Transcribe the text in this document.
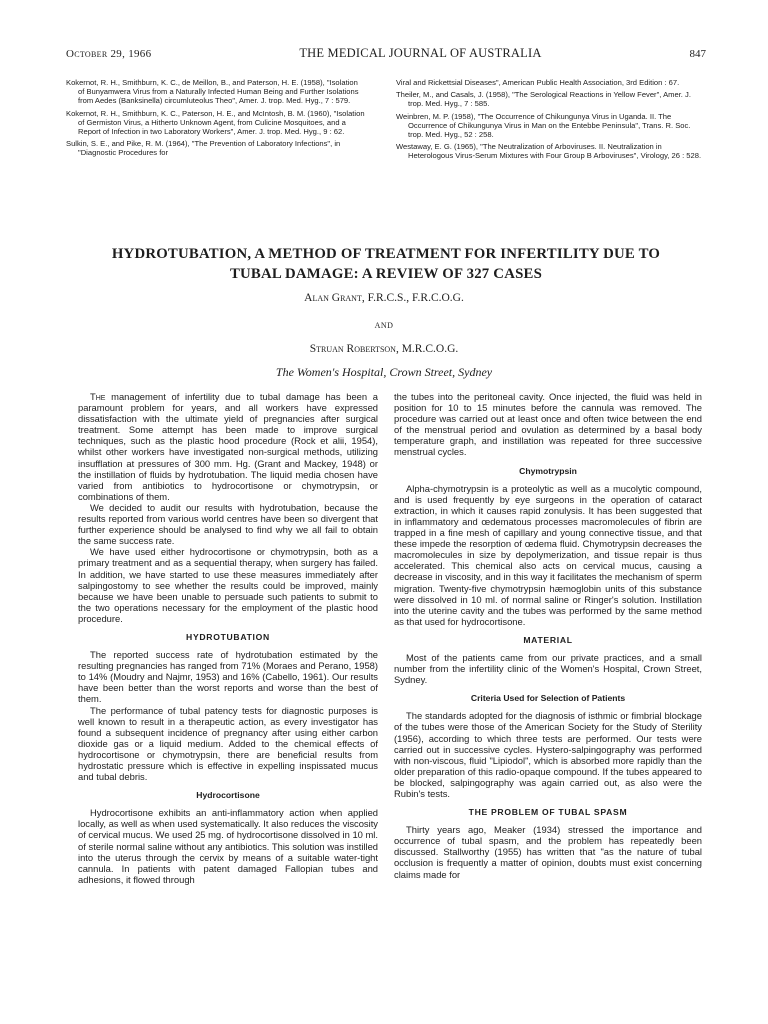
October 29, 1966	THE MEDICAL JOURNAL OF AUSTRALIA	847

Kokernot, R. H., Smithburn, K. C., de Meillon, B., and Paterson, H. E. (1958), "Isolation of Bunyamwera Virus from a Naturally Infected Human Being and Further Isolations from Aedes (Banksinella) circumluteolus Theo", Amer. J. trop. Med. Hyg., 7 : 579.

Kokernot, R. H., Smithburn, K. C., Paterson, H. E., and McIntosh, B. M. (1960), "Isolation of Germiston Virus, a Hitherto Unknown Agent, from Culicine Mosquitoes, and a Report of Infection in two Laboratory Workers", Amer. J. trop. Med. Hyg., 9 : 62.

Sulkin, S. E., and Pike, R. M. (1964), "The Prevention of Laboratory Infections", in "Diagnostic Procedures for

Viral and Rickettsial Diseases", American Public Health Association, 3rd Edition : 67.

Theiler, M., and Casals, J. (1958), "The Serological Reactions in Yellow Fever", Amer. J. trop. Med. Hyg., 7 : 585.

Weinbren, M. P. (1958), "The Occurrence of Chikungunya Virus in Uganda. II. The Occurrence of Chikungunya Virus in Man on the Entebbe Peninsula", Trans. R. Soc. trop. Med. Hyg., 52 : 258.

Westaway, E. G. (1965), "The Neutralization of Arboviruses. II. Neutralization in Heterologous Virus-Serum Mixtures with Four Group B Arboviruses", Virology, 26 : 528.

HYDROTUBATION, A METHOD OF TREATMENT FOR INFERTILITY DUE TO
TUBAL DAMAGE: A REVIEW OF 327 CASES
Alan Grant, F.R.C.S., F.R.C.O.G.
AND
Struan Robertson, M.R.C.O.G.
The Women's Hospital, Crown Street, Sydney

The management of infertility due to tubal damage has been a paramount problem for years, and all workers have expressed dissatisfaction with the ultimate yield of pregnancies after surgical treatment. Some attempt has been made to improve surgical techniques, such as the plastic hood procedure (Rock et alii, 1954), whilst other workers have investigated non-surgical methods, utilizing insufflation at pressures of 300 mm. Hg. (Grant and Mackey, 1948) or the instillation of fluids by hydrotubation. The liquid media chosen have varied from antibiotics to hydrocortisone or chymotrypsin, or combinations of them.

We decided to audit our results with hydrotubation, because the results reported from various world centres have been so divergent that further experience should be analysed to find why we all fail to obtain the same success rate.

We have used either hydrocortisone or chymotrypsin, both as a primary treatment and as a sequential therapy, when surgery has failed. In addition, we have started to use these measures immediately after salpingostomy to see whether the results could be improved, mainly because we have been unable to persuade such patients to submit to the two operations necessary for the employment of the plastic hood procedure.

HYDROTUBATION

The reported success rate of hydrotubation estimated by the resulting pregnancies has ranged from 71% (Moraes and Perano, 1958) to 14% (Moudry and Najmr, 1953) and 16% (Cabello, 1961). Our results have been better than the worst reports and worse than the best of them.

The performance of tubal patency tests for diagnostic purposes is well known to result in a therapeutic action, as every investigator has found a subsequent incidence of pregnancy after using either carbon dioxide gas or a liquid medium. Added to the chemical effects of hydrocortisone or chymotrypsin, there are beneficial results from hydrostatic pressure which is effective in expelling inspissated mucus and tubal debris.

Hydrocortisone

Hydrocortisone exhibits an anti-inflammatory action when applied locally, as well as when used systematically. It also reduces the viscosity of cervical mucus. We used 25 mg. of hydrocortisone dissolved in 10 ml. of sterile normal saline without any antibiotics. This solution was instilled into the uterus through the cervix by means of a suitable water-tight cannula. In patients with patent damaged Fallopian tubes and adhesions, it flowed through

the tubes into the peritoneal cavity. Once injected, the fluid was held in position for 10 to 15 minutes before the cannula was removed. The procedure was carried out at least once and often twice between the end of the menstrual period and ovulation as determined by a basal body temperature graph, and instillation was repeated for three successive menstrual cycles.

Chymotrypsin

Alpha-chymotrypsin is a proteolytic as well as a mucolytic compound, and is used frequently by eye surgeons in the operation of cataract extraction, in which it causes rapid zonulysis. It has been suggested that in inflammatory and œdematous processes macromolecules of fibrin are trapped in a fine mesh of capillary and young connective tissue, and that these impede the resorption of œdema fluid. Chymotrypsin decreases the macromolecules in size by depolymerization, and tissue repair is thus accelerated. This chemical also acts on cervical mucus, causing a decrease in viscosity, and in this way it facilitates the mechanism of sperm migration. Twenty-five chymotrypsin hæmoglobin units of this substance were dissolved in 10 ml. of normal saline or Ringer's solution. Instillation into the uterine cavity and the tubes was performed by the same method as that used for hydrocortisone.

MATERIAL

Most of the patients came from our private practices, and a small number from the infertility clinic of the Women's Hospital, Crown Street, Sydney.

Criteria Used for Selection of Patients

The standards adopted for the diagnosis of isthmic or fimbrial blockage of the tubes were those of the American Society for the Study of Sterility (1956), according to which three tests are performed. Our tests were carried out in successive cycles. Hystero-salpingography was performed with non-viscous, fluid "Lipiodol", which is absorbed more rapidly than the older preparation of this radio-opaque compound. If the tubes appeared to be blocked, salpingography was again carried out, as also were the Rubin's tests.

THE PROBLEM OF TUBAL SPASM

Thirty years ago, Meaker (1934) stressed the importance and occurrence of tubal spasm, and the problem has repeatedly been discussed. Stallworthy (1955) has written that "as the nature of tubal occlusion is frequently a matter of opinion, doubts must exist concerning claims made for
